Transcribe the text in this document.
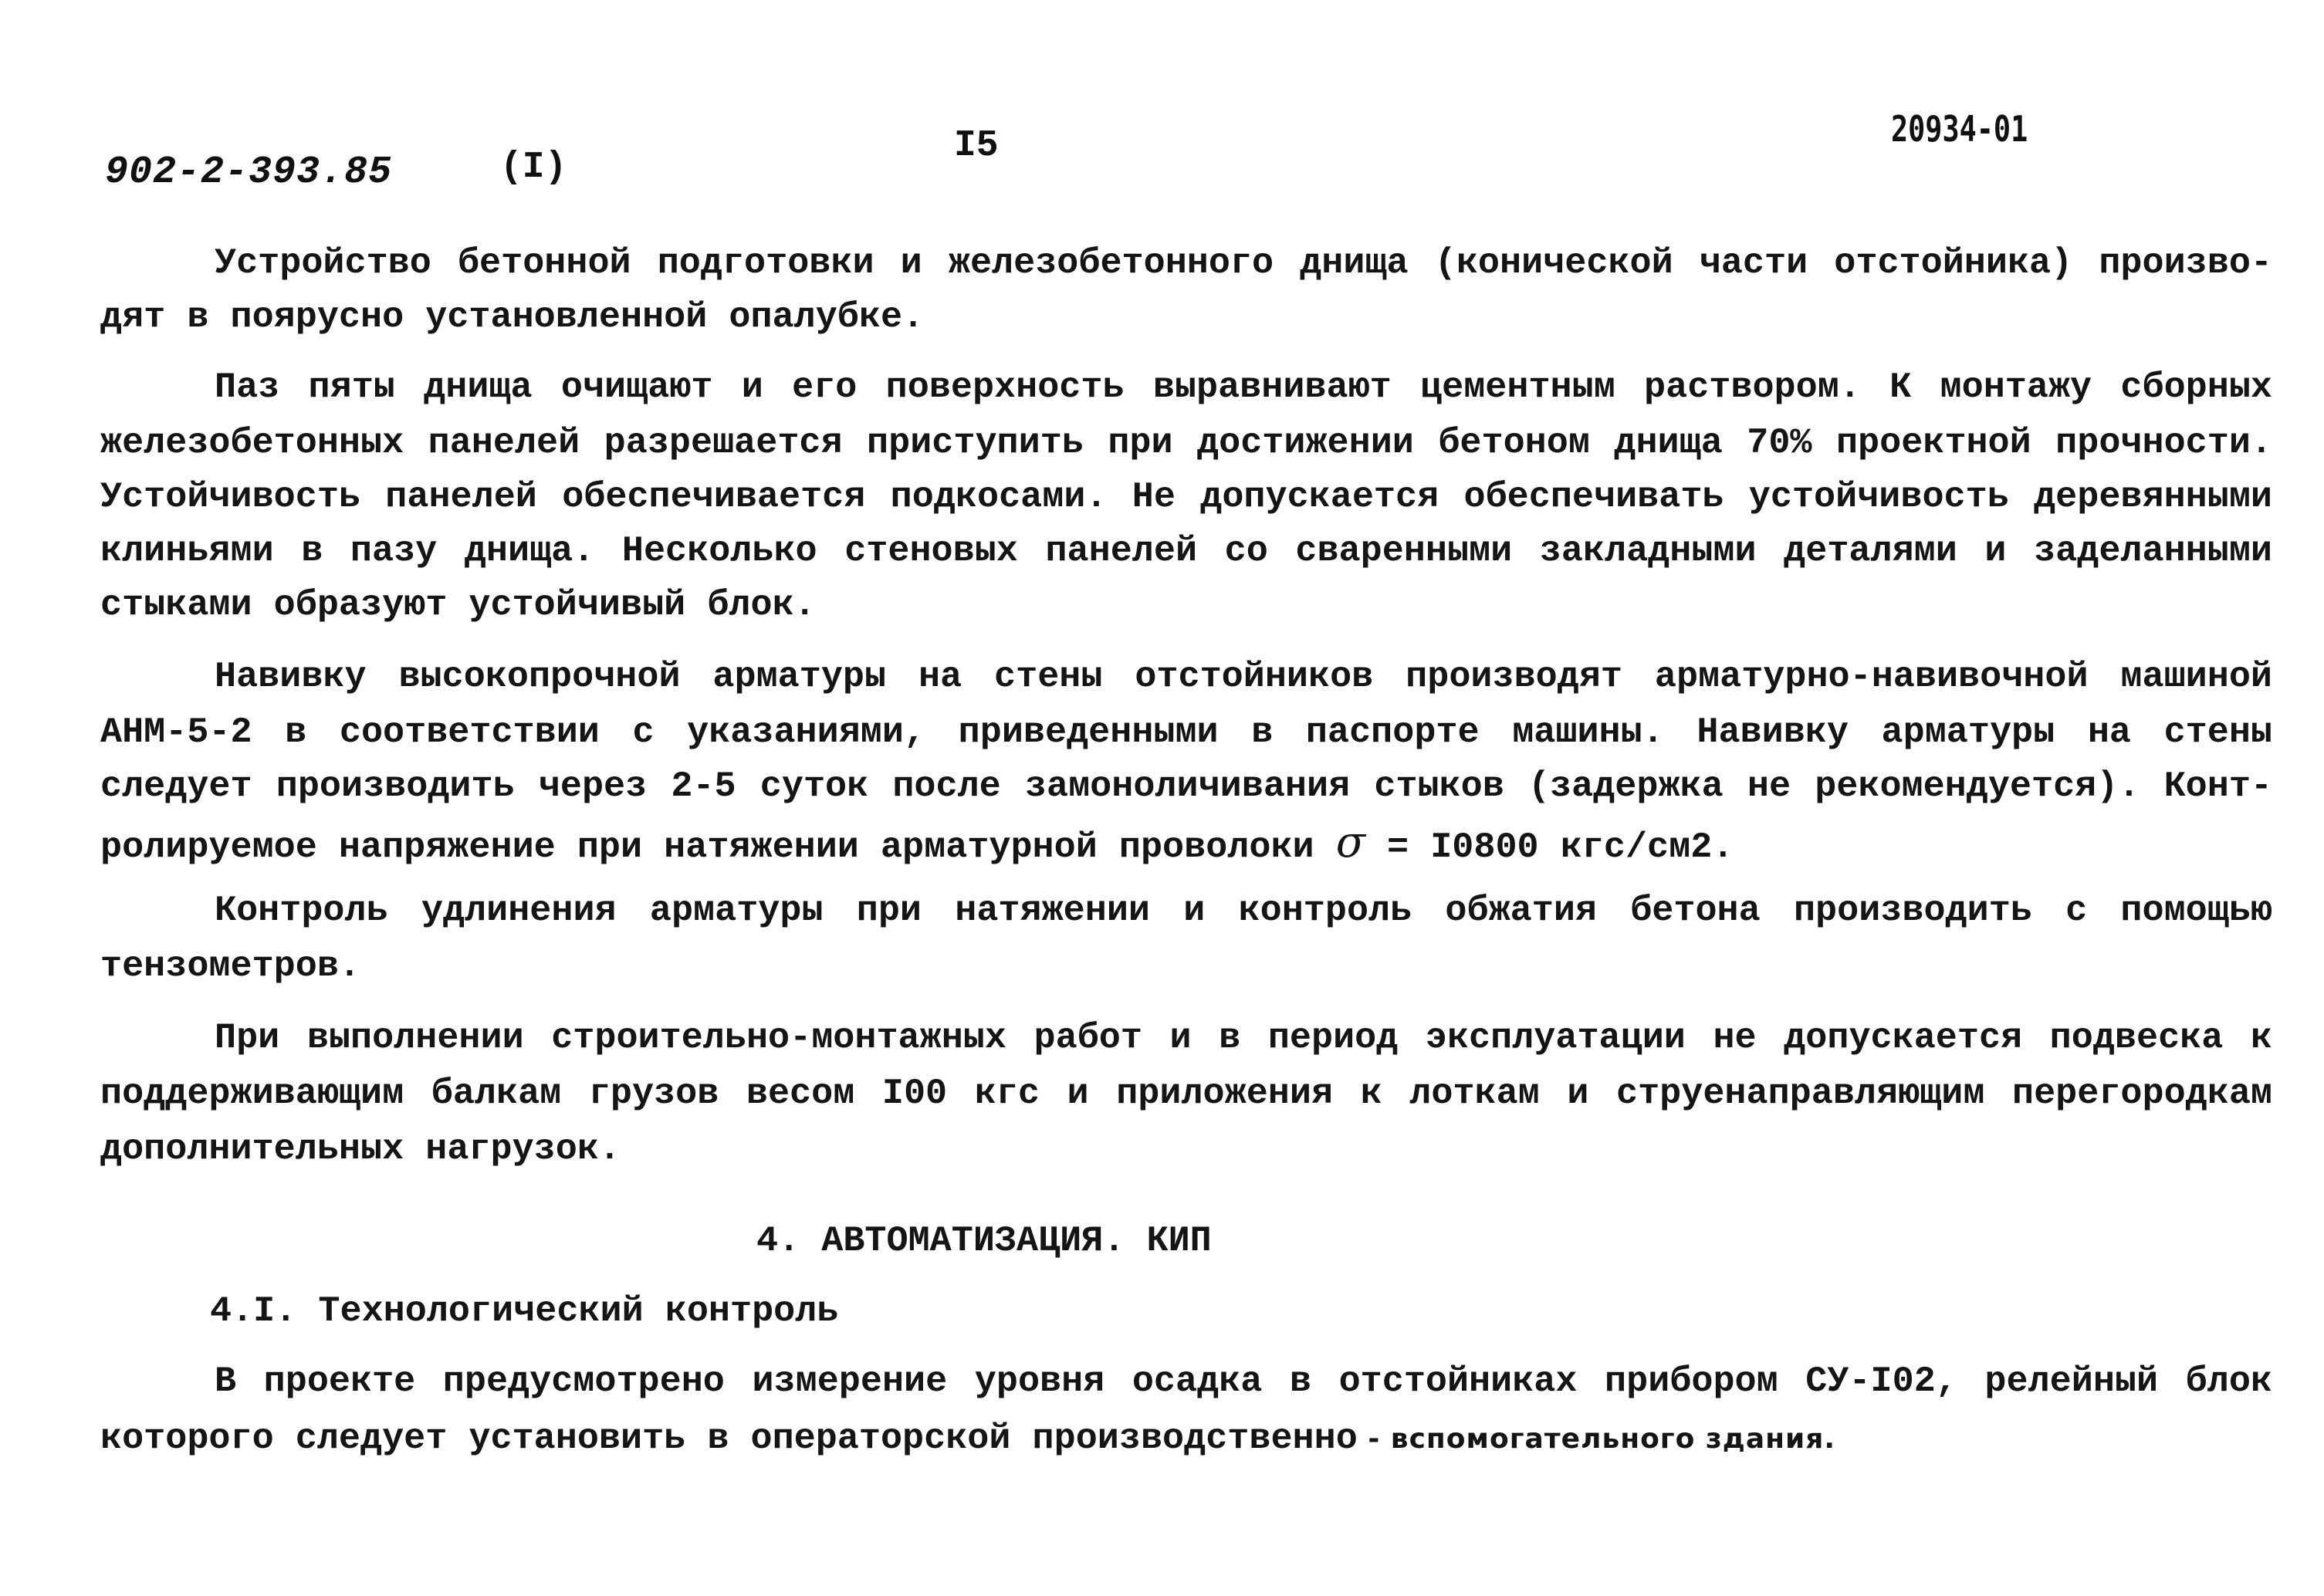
902-2-393.85	(I)
I5	20934-01
Устройство бетонной подготовки и железобетонного днища (конической части отстойника) произво-
дят в поярусно установленной опалубке.
Паз пяты днища очищают и его поверхность выравнивают цементным раствором. К монтажу сборных
железобетонных панелей разрешается приступить при достижении бетоном днища 70% проектной прочности.
Устойчивость панелей обеспечивается подкосами. Не допускается обеспечивать устойчивость деревянными
клиньями в пазу днища. Несколько стеновых панелей со сваренными закладными деталями и заделанными
стыками образуют устойчивый блок.
Навивку высокопрочной арматуры на стены отстойников производят арматурно-навивочной машиной
АНМ-5-2 в соответствии с указаниями, приведенными в паспорте машины. Навивку арматуры на стены
следует производить через 2-5 суток после замоноличивания стыков (задержка не рекомендуется). Конт-
ролируемое напряжение при натяжении арматурной проволоки σ = I0800 кгс/см2.
Контроль удлинения арматуры при натяжении и контроль обжатия бетона производить с помощью
тензометров.
При выполнении строительно-монтажных работ и в период эксплуатации не допускается подвеска к
поддерживающим балкам грузов весом I00 кгс и приложения к лоткам и струенаправляющим перегородкам
дополнительных нагрузок.
4. АВТОМАТИЗАЦИЯ. КИП
4.I. Технологический контроль
В проекте предусмотрено измерение уровня осадка в отстойниках прибором СУ-I02, релейный блок
которого следует установить в операторской производственно - вспомогательного здания.
